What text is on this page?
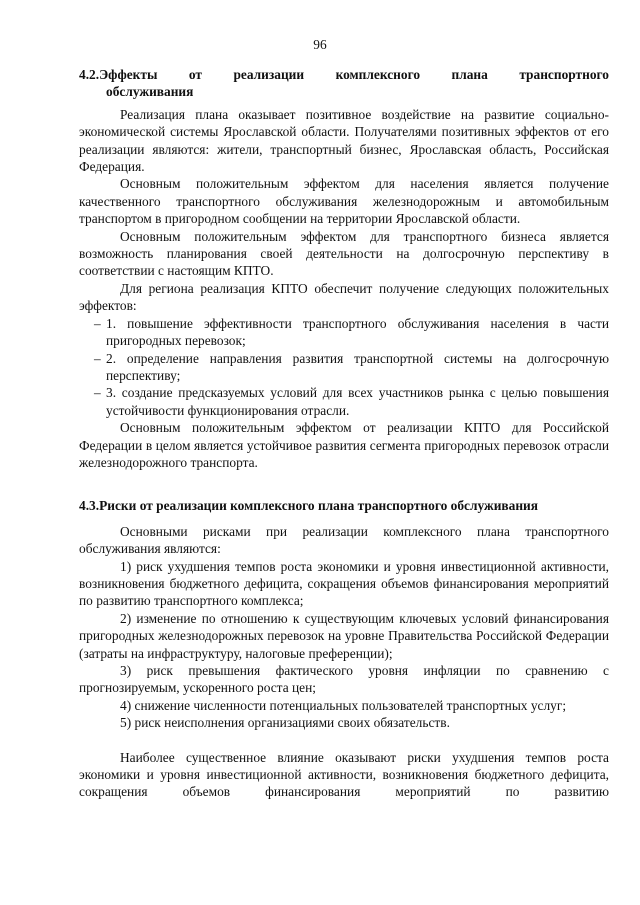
96
4.2.Эффекты от реализации комплексного плана транспортного
обслуживания

Реализация плана оказывает позитивное воздействие на развитие социально-экономической системы Ярославской области. Получателями позитивных эффектов от его реализации являются: жители, транспортный бизнес, Ярославская область, Российская Федерация.

Основным положительным эффектом для населения является получение качественного транспортного обслуживания железнодорожным и автомобильным транспортом в пригородном сообщении на территории Ярославской области.

Основным положительным эффектом для транспортного бизнеса является возможность планирования своей деятельности на долгосрочную перспективу в соответствии с настоящим КПТО.

Для региона реализация КПТО обеспечит получение следующих положительных эффектов:

– 1. повышение эффективности транспортного обслуживания населения в части пригородных перевозок;
– 2. определение направления развития транспортной системы на долгосрочную перспективу;
– 3. создание предсказуемых условий для всех участников рынка с целью повышения устойчивости функционирования отрасли.

Основным положительным эффектом от реализации КПТО для Российской Федерации в целом является устойчивое развития сегмента пригородных перевозок отрасли железнодорожного транспорта.

4.3.Риски от реализации комплексного плана транспортного обслуживания

Основными рисками при реализации комплексного плана транспортного обслуживания являются:

1) риск ухудшения темпов роста экономики и уровня инвестиционной активности, возникновения бюджетного дефицита, сокращения объемов финансирования мероприятий по развитию транспортного комплекса;

2) изменение по отношению к существующим ключевых условий финансирования пригородных железнодорожных перевозок на уровне Правительства Российской Федерации (затраты на инфраструктуру, налоговые преференции);

3) риск превышения фактического уровня инфляции по сравнению с прогнозируемым, ускоренного роста цен;

4) снижение численности потенциальных пользователей транспортных услуг;

5) риск неисполнения организациями своих обязательств.

Наиболее существенное влияние оказывают риски ухудшения темпов роста экономики и уровня инвестиционной активности, возникновения бюджетного дефицита, сокращения объемов финансирования мероприятий по развитию
